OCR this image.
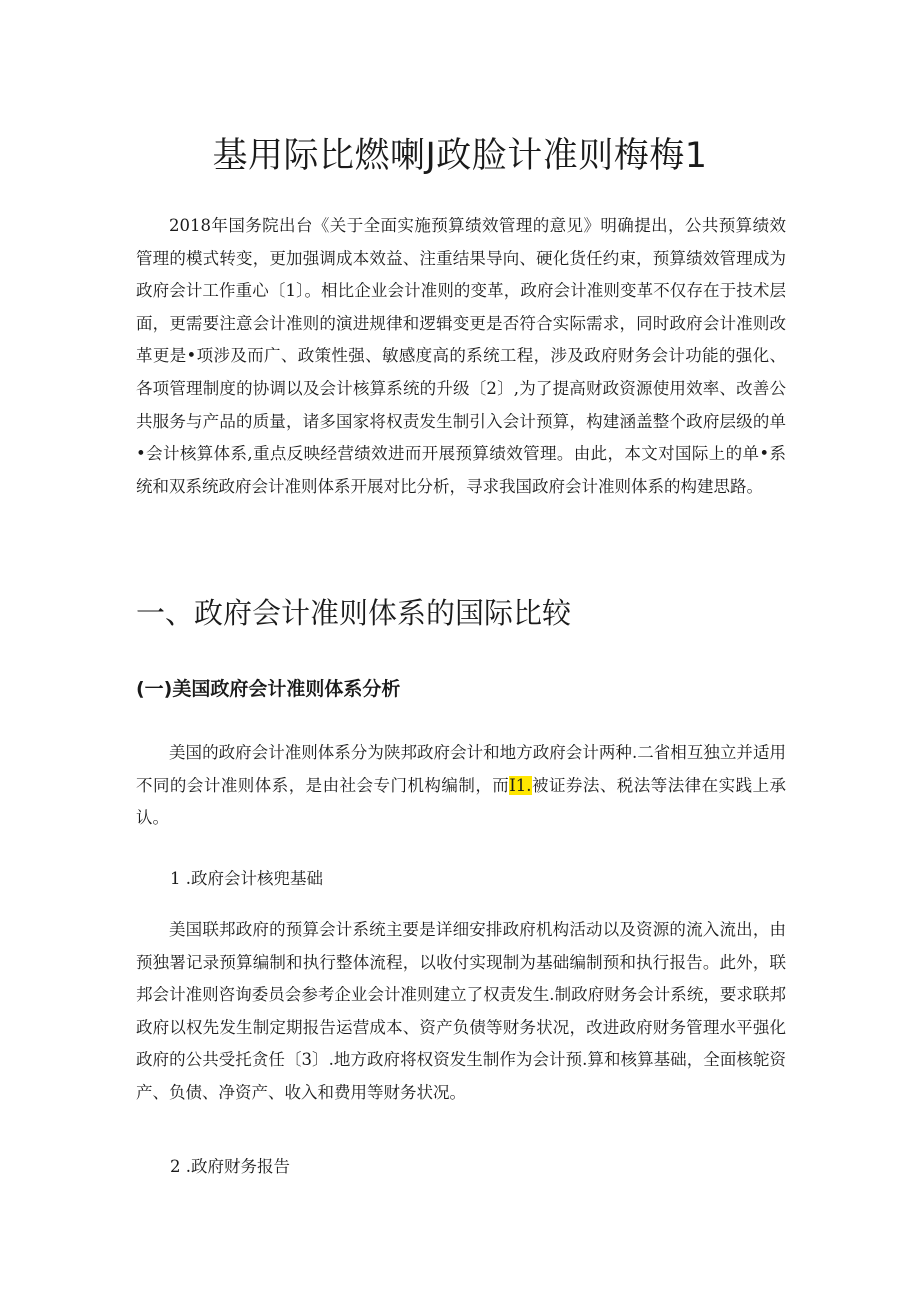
基用际比燃喇J政脸计准则梅梅1

2018年国务院出台《关于全面实施预算绩效管理的意见》明确提出，公共预算绩效管理的模式转变，更加强调成本效益、注重结果导向、硬化货任约束，预算绩效管理成为政府会计工作重心〔1〕。相比企业会计准则的变革，政府会计准则变革不仅存在于技术层面，更需要注意会计准则的演进规律和逻辑变更是否符合实际需求，同时政府会计准则改革更是•项涉及而广、政策性强、敏感度高的系统工程，涉及政府财务会计功能的强化、各项管理制度的协调以及会计核算系统的升级〔2〕,为了提高财政资源使用效率、改善公共服务与产品的质量，诸多国家将权责发生制引入会计预算，构建涵盖整个政府层级的单•会计核算体系,重点反映经营绩效进而开展预算绩效管理。由此，本文对国际上的单•系统和双系统政府会计准则体系开展对比分析，寻求我国政府会计准则体系的构建思路。

一、政府会计准则体系的国际比较
(一)美国政府会计准则体系分析

美国的政府会计准则体系分为陕邦政府会计和地方政府会计两种.二省相互独立并适用不同的会计准则体系，是由社会专门机构编制，而I1.被证券法、税法等法律在实践上承认。

1 .政府会计核兜基础

美国联邦政府的预算会计系统主要是详细安排政府机构活动以及资源的流入流出，由预独署记录预算编制和执行整体流程，以收付实现制为基础编制预和执行报告。此外，联邦会计准则咨询委员会参考企业会计准则建立了权责发生.制政府财务会计系统，要求联邦政府以权先发生制定期报告运营成本、资产负债等财务状况，改进政府财务管理水平强化政府的公共受托贪任〔3〕.地方政府将权资发生制作为会计预.算和核算基础，全面核鸵资产、负债、净资产、收入和费用等财务状况。

2 .政府财务报告
